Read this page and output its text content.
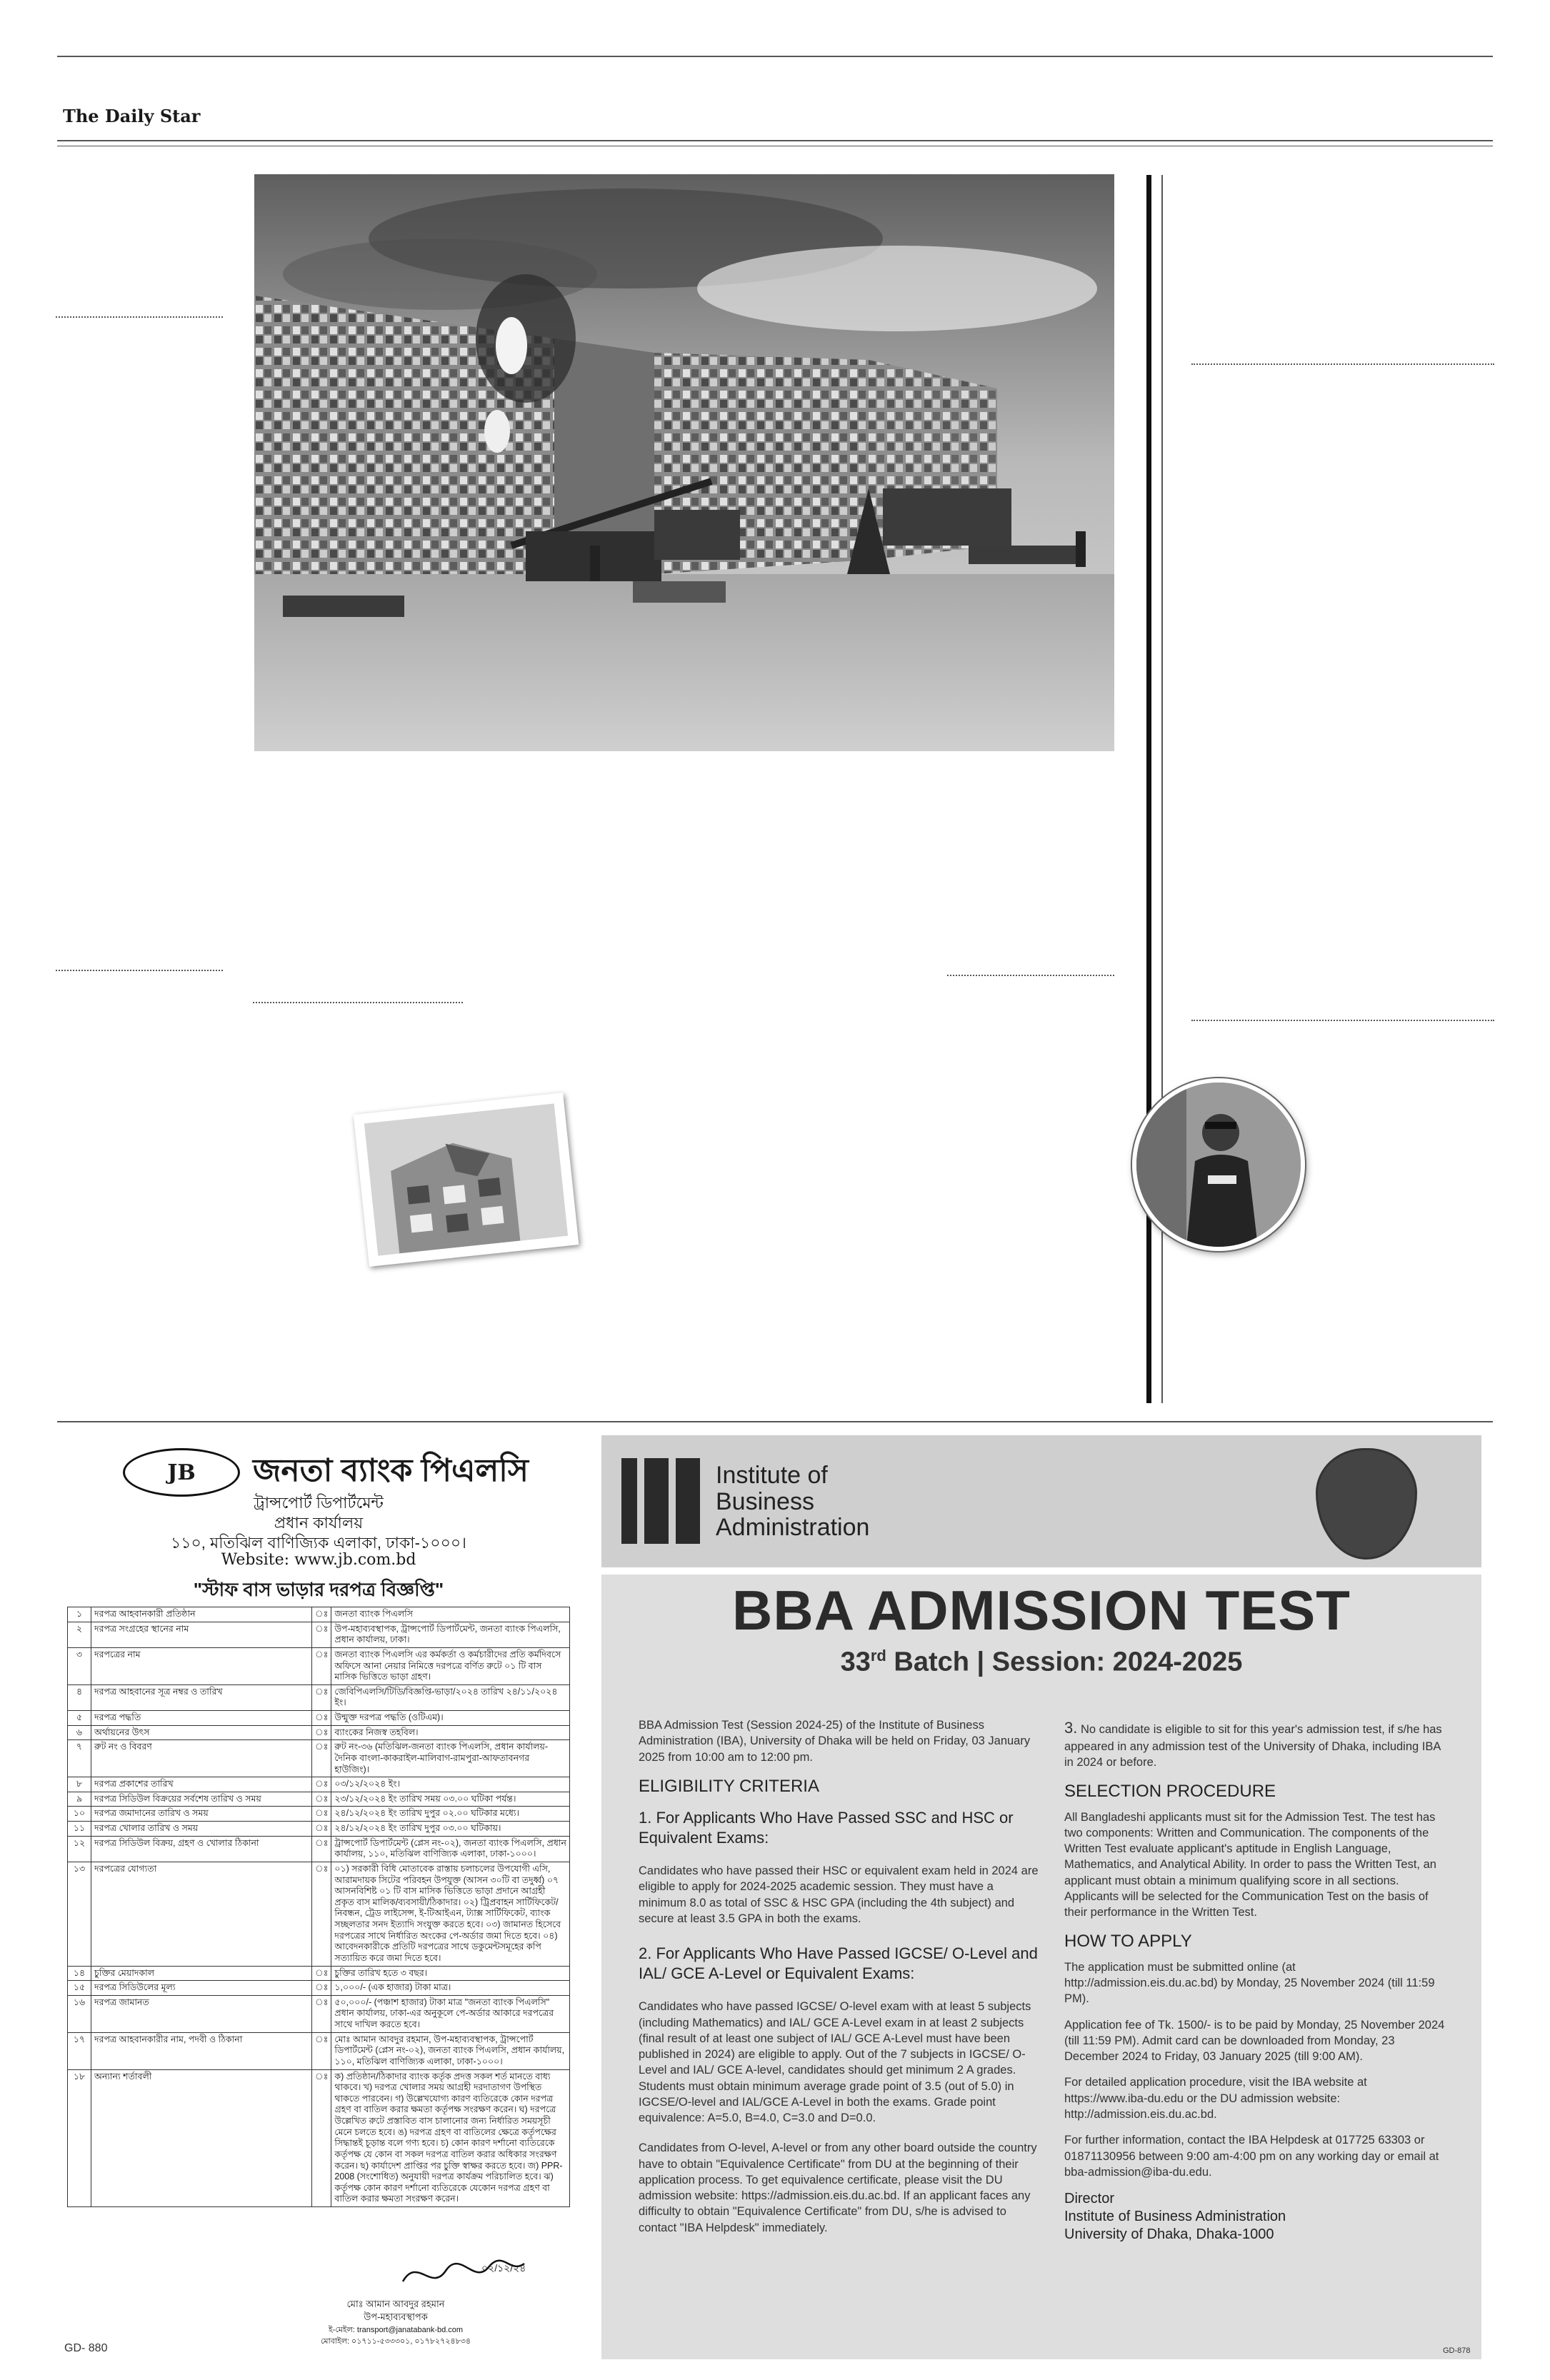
The Daily Star
JB	জনতা ব্যাংক পিএলসি
ট্রান্সপোর্ট ডিপার্টমেন্ট
প্রধান কার্যালয়
১১০, মতিঝিল বাণিজ্যিক এলাকা, ঢাকা-১০০০।
Website: www.jb.com.bd
"স্টাফ বাস ভাড়ার দরপত্র বিজ্ঞপ্তি"
১	দরপত্র আহবানকারী প্রতিষ্ঠান	ঃ	জনতা ব্যাংক পিএলসি
২	দরপত্র সংগ্রহের স্থানের নাম	ঃ	উপ-মহাব্যবস্থাপক, ট্রান্সপোর্ট ডিপার্টমেন্ট, জনতা ব্যাংক পিএলসি, প্রধান কার্যালয়, ঢাকা।
৩	দরপত্রের নাম	ঃ	জনতা ব্যাংক পিএলসি এর কর্মকর্তা ও কর্মচারীদের প্রতি কর্মদিবসে অফিসে আনা নেয়ার নিমিত্তে দরপত্রে বর্ণিত রুটে ০১ টি বাস মাসিক ভিত্তিতে ভাড়া গ্রহণ।
৪	দরপত্র আহবানের সূত্র নম্বর ও তারিখ	ঃ	জেবিপিএলসি/টিডি/বিজ্ঞপ্তি-ভাড়া/২০২৪ তারিখ ২৪/১১/২০২৪ ইং।
৫	দরপত্র পদ্ধতি	ঃ	উন্মুক্ত দরপত্র পদ্ধতি (ওটিএম)।
৬	অর্থায়নের উৎস	ঃ	ব্যাংকের নিজস্ব তহবিল।
৭	রুট নং ও বিবরণ	ঃ	রুট নং-৩৬ (মতিঝিল-জনতা ব্যাংক পিএলসি, প্রধান কার্যালয়-দৈনিক বাংলা-কাকরাইল-মালিবাগ-রামপুরা-আফতাবনগর হাউজিং)।
৮	দরপত্র প্রকাশের তারিখ	ঃ	০৩/১২/২০২৪ ইং।
৯	দরপত্র সিডিউল বিক্রয়ের সর্বশেষ তারিখ ও সময়	ঃ	২৩/১২/২০২৪ ইং তারিখ সময় ০৩.০০ ঘটিকা পর্যন্ত।
১০	দরপত্র জমাদানের তারিখ ও সময়	ঃ	২৪/১২/২০২৪ ইং তারিখ দুপুর ০২.০০ ঘটিকার মধ্যে।
১১	দরপত্র খোলার তারিখ ও সময়	ঃ	২৪/১২/২০২৪ ইং তারিখ দুপুর ০৩.০০ ঘটিকায়।
১২	দরপত্র সিডিউল বিক্রয়, গ্রহণ ও খোলার ঠিকানা	ঃ	ট্রান্সপোর্ট ডিপার্টমেন্ট (প্লেস নং-০২), জনতা ব্যাংক পিএলসি, প্রধান কার্যালয়, ১১০, মতিঝিল বাণিজ্যিক এলাকা, ঢাকা-১০০০।
১৩	দরপত্রের যোগ্যতা	ঃ	০১) সরকারী বিধি মোতাবেক রাস্তায় চলাচলের উপযোগী এসি, আরামদায়ক সিটের পরিবহন উপযুক্ত (আসন ৩০টি বা তদুর্ধ্ব) ০৭ আসনবিশিষ্ট ০১ টি বাস মাসিক ভিত্তিতে ভাড়া প্রদানে আগ্রহী প্রকৃত বাস মালিক/ব্যবসায়ী/ঠিকাদার। ০২) ট্রিপ্রবাহন সার্টিফিকেট/নিবন্ধন, ট্রেড লাইসেন্স, ই-টিআইএন, ট্যাক্স সার্টিফিকেট, ব্যাংক সচ্ছলতার সনদ ইত্যাদি সংযুক্ত করতে হবে। ০৩) জামানত হিসেবে দরপত্রের সাথে নির্ধারিত অংকের পে-অর্ডার জমা দিতে হবে। ০৪) আবেদনকারীকে প্রতিটি দরপত্রের সাথে ডকুমেন্টসমূহের কপি সত্যায়িত করে জমা দিতে হবে।
১৪	চুক্তির মেয়াদকাল	ঃ	চুক্তির তারিখ হতে ৩ বছর।
১৫	দরপত্র সিডিউলের মূল্য	ঃ	১,০০০/- (এক হাজার) টাকা মাত্র।
১৬	দরপত্র জামানত	ঃ	৫০,০০০/- (পঞ্চাশ হাজার) টাকা মাত্র "জনতা ব্যাংক পিএলসি" প্রধান কার্যালয়, ঢাকা-এর অনুকূলে পে-অর্ডার আকারে দরপত্রের সাথে দাখিল করতে হবে।
১৭	দরপত্র আহবানকারীর নাম, পদবী ও ঠিকানা	ঃ	মোঃ আমান আবদুর রহমান, উপ-মহাব্যবস্থাপক, ট্রান্সপোর্ট ডিপার্টমেন্ট (প্লেস নং-০২), জনতা ব্যাংক পিএলসি, প্রধান কার্যালয়, ১১০, মতিঝিল বাণিজ্যিক এলাকা, ঢাকা-১০০০।
১৮	অন্যান্য শর্তাবলী	ঃ	ক) প্রতিষ্ঠান/ঠিকাদার ব্যাংক কর্তৃক প্রদত্ত সকল শর্ত মানতে বাধ্য থাকবে। খ) দরপত্র খোলার সময় আগ্রহী দরদাতাগণ উপস্থিত থাকতে পারবেন। গ) উল্লেখযোগ্য কারণ ব্যতিরেকে কোন দরপত্র গ্রহণ বা বাতিল করার ক্ষমতা কর্তৃপক্ষ সংরক্ষণ করেন। ঘ) দরপত্রে উল্লেখিত রুটে প্রস্তাবিত বাস চালানোর জন্য নির্ধারিত সময়সূচী মেনে চলতে হবে। ঙ) দরপত্র গ্রহণ বা বাতিলের ক্ষেত্রে কর্তৃপক্ষের সিদ্ধান্তই চূড়ান্ত বলে গণ্য হবে। চ) কোন কারণ দর্শানো ব্যতিরেকে কর্তৃপক্ষ যে কোন বা সকল দরপত্র বাতিল করার অধিকার সংরক্ষণ করেন। ছ) কার্যাদেশ প্রাপ্তির পর চুক্তি স্বাক্ষর করতে হবে। জ) PPR-2008 (সংশোধিত) অনুযায়ী দরপত্র কার্যক্রম পরিচালিত হবে। ঝ) কর্তৃপক্ষ কোন কারণ দর্শানো ব্যতিরেকে যেকোন দরপত্র গ্রহণ বা বাতিল করার ক্ষমতা সংরক্ষণ করেন।
০২/১২/২৪
মোঃ আমান আবদুর রহমান
উপ-মহাব্যবস্থাপক
ই-মেইল: transport@janatabank-bd.com
মোবাইল: ০১৭১১-৫৩৩৩০১, ০১৭৮২৭২৪৮৩৪
GD- 880
Institute of
Business
Administration
BBA ADMISSION TEST
33rd Batch | Session: 2024-2025

BBA Admission Test (Session 2024-25) of the Institute of Business Administration (IBA), University of Dhaka will be held on Friday, 03 January 2025 from 10:00 am to 12:00 pm.

ELIGIBILITY CRITERIA
1. For Applicants Who Have Passed SSC and HSC or Equivalent Exams:

Candidates who have passed their HSC or equivalent exam held in 2024 are eligible to apply for 2024-2025 academic session. They must have a minimum 8.0 as total of SSC & HSC GPA (including the 4th subject) and secure at least 3.5 GPA in both the exams.

2. For Applicants Who Have Passed IGCSE/ O-Level and IAL/ GCE A-Level or Equivalent Exams:

Candidates who have passed IGCSE/ O-level exam with at least 5 subjects (including Mathematics) and IAL/ GCE A-Level exam in at least 2 subjects (final result of at least one subject of IAL/ GCE A-Level must have been published in 2024) are eligible to apply. Out of the 7 subjects in IGCSE/ O-Level and IAL/ GCE A-level, candidates should get minimum 2 A grades. Students must obtain minimum average grade point of 3.5 (out of 5.0) in IGCSE/O-level and IAL/GCE A-Level in both the exams. Grade point equivalence: A=5.0, B=4.0, C=3.0 and D=0.0.

Candidates from O-level, A-level or from any other board outside the country have to obtain "Equivalence Certificate" from DU at the beginning of their application process. To get equivalence certificate, please visit the DU admission website: https://admission.eis.du.ac.bd. If an applicant faces any difficulty to obtain "Equivalence Certificate" from DU, s/he is advised to contact "IBA Helpdesk" immediately.

3. No candidate is eligible to sit for this year's admission test, if s/he has appeared in any admission test of the University of Dhaka, including IBA in 2024 or before.

SELECTION PROCEDURE

All Bangladeshi applicants must sit for the Admission Test. The test has two components: Written and Communication. The components of the Written Test evaluate applicant's aptitude in English Language, Mathematics, and Analytical Ability. In order to pass the Written Test, an applicant must obtain a minimum qualifying score in all sections. Applicants will be selected for the Communication Test on the basis of their performance in the Written Test.

HOW TO APPLY

The application must be submitted online (at http://admission.eis.du.ac.bd) by Monday, 25 November 2024 (till 11:59 PM).

Application fee of Tk. 1500/- is to be paid by Monday, 25 November 2024 (till 11:59 PM). Admit card can be downloaded from Monday, 23 December 2024 to Friday, 03 January 2025 (till 9:00 AM).

For detailed application procedure, visit the IBA website at https://www.iba-du.edu or the DU admission website: http://admission.eis.du.ac.bd.

For further information, contact the IBA Helpdesk at 017725 63303 or 01871130956 between 9:00 am-4:00 pm on any working day or email at bba-admission@iba-du.edu.

Director
Institute of Business Administration
University of Dhaka, Dhaka-1000
GD-878
